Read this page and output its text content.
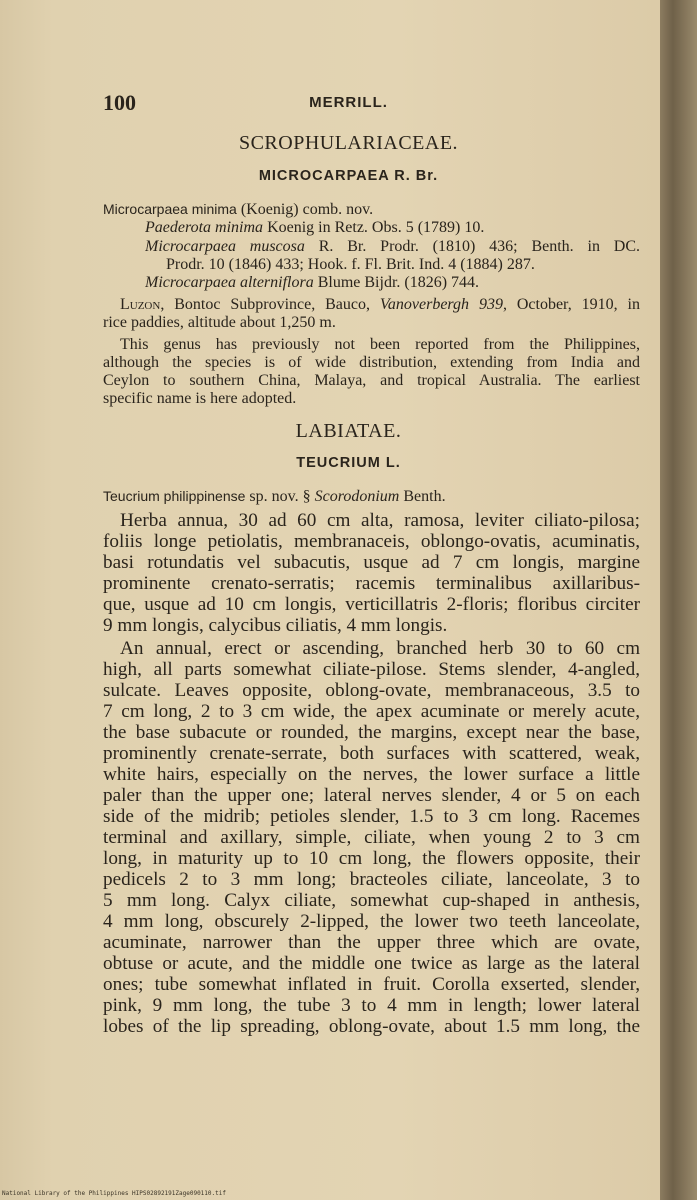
100	MERRILL.
SCROPHULARIACEAE.
MICROCARPAEA R. Br.
Microcarpaea minima (Koenig) comb. nov.
Paederota minima Koenig in Retz. Obs. 5 (1789) 10.
Microcarpaea muscosa R. Br. Prodr. (1810) 436; Benth. in DC.
Prodr. 10 (1846) 433; Hook. f. Fl. Brit. Ind. 4 (1884) 287.
Microcarpaea alterniflora Blume Bijdr. (1826) 744.
Luzon, Bontoc Subprovince, Bauco, Vanoverbergh 939, October, 1910, in
rice paddies, altitude about 1,250 m.
This genus has previously not been reported from the Philippines,
although the species is of wide distribution, extending from India and
Ceylon to southern China, Malaya, and tropical Australia. The earliest
specific name is here adopted.
LABIATAE.
TEUCRIUM L.
Teucrium philippinense sp. nov. § Scorodonium Benth.
Herba annua, 30 ad 60 cm alta, ramosa, leviter ciliato-pilosa;
foliis longe petiolatis, membranaceis, oblongo-ovatis, acuminatis,
basi rotundatis vel subacutis, usque ad 7 cm longis, margine
prominente crenato-serratis; racemis terminalibus axillaribus-
que, usque ad 10 cm longis, verticillatris 2-floris; floribus circiter
9 mm longis, calycibus ciliatis, 4 mm longis.
An annual, erect or ascending, branched herb 30 to 60 cm
high, all parts somewhat ciliate-pilose. Stems slender, 4-angled,
sulcate. Leaves opposite, oblong-ovate, membranaceous, 3.5 to
7 cm long, 2 to 3 cm wide, the apex acuminate or merely acute,
the base subacute or rounded, the margins, except near the base,
prominently crenate-serrate, both surfaces with scattered, weak,
white hairs, especially on the nerves, the lower surface a little
paler than the upper one; lateral nerves slender, 4 or 5 on each
side of the midrib; petioles slender, 1.5 to 3 cm long. Racemes
terminal and axillary, simple, ciliate, when young 2 to 3 cm
long, in maturity up to 10 cm long, the flowers opposite, their
pedicels 2 to 3 mm long; bracteoles ciliate, lanceolate, 3 to
5 mm long. Calyx ciliate, somewhat cup-shaped in anthesis,
4 mm long, obscurely 2-lipped, the lower two teeth lanceolate,
acuminate, narrower than the upper three which are ovate,
obtuse or acute, and the middle one twice as large as the lateral
ones; tube somewhat inflated in fruit. Corolla exserted, slender,
pink, 9 mm long, the tube 3 to 4 mm in length; lower lateral
lobes of the lip spreading, oblong-ovate, about 1.5 mm long, the
National Library of the Philippines HIPS02892191Zage090110.tif
